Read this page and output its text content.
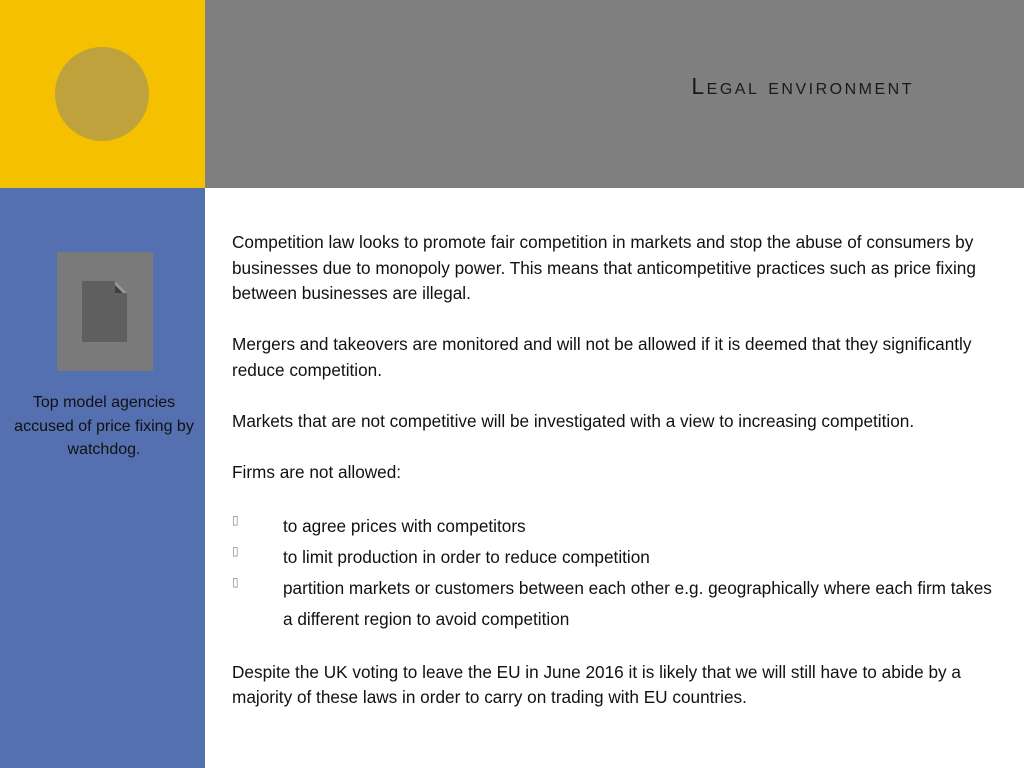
Legal environment
Top model agencies accused of price fixing by watchdog.

Competition law looks to promote fair competition in markets and stop the abuse of consumers by businesses due to monopoly power. This means that anticompetitive practices such as price fixing between businesses are illegal.

Mergers and takeovers are monitored and will not be allowed if it is deemed that they significantly reduce competition.

Markets that are not competitive will be investigated with a view to increasing competition.

Firms are not allowed:

▯	to agree prices with competitors
▯	to limit production in order to reduce competition
▯	partition markets or customers between each other e.g. geographically where each firm takes a different region to avoid competition

Despite the UK voting to leave the EU in June 2016 it is likely that we will still have to abide by a majority of these laws in order to carry on trading with EU countries.
